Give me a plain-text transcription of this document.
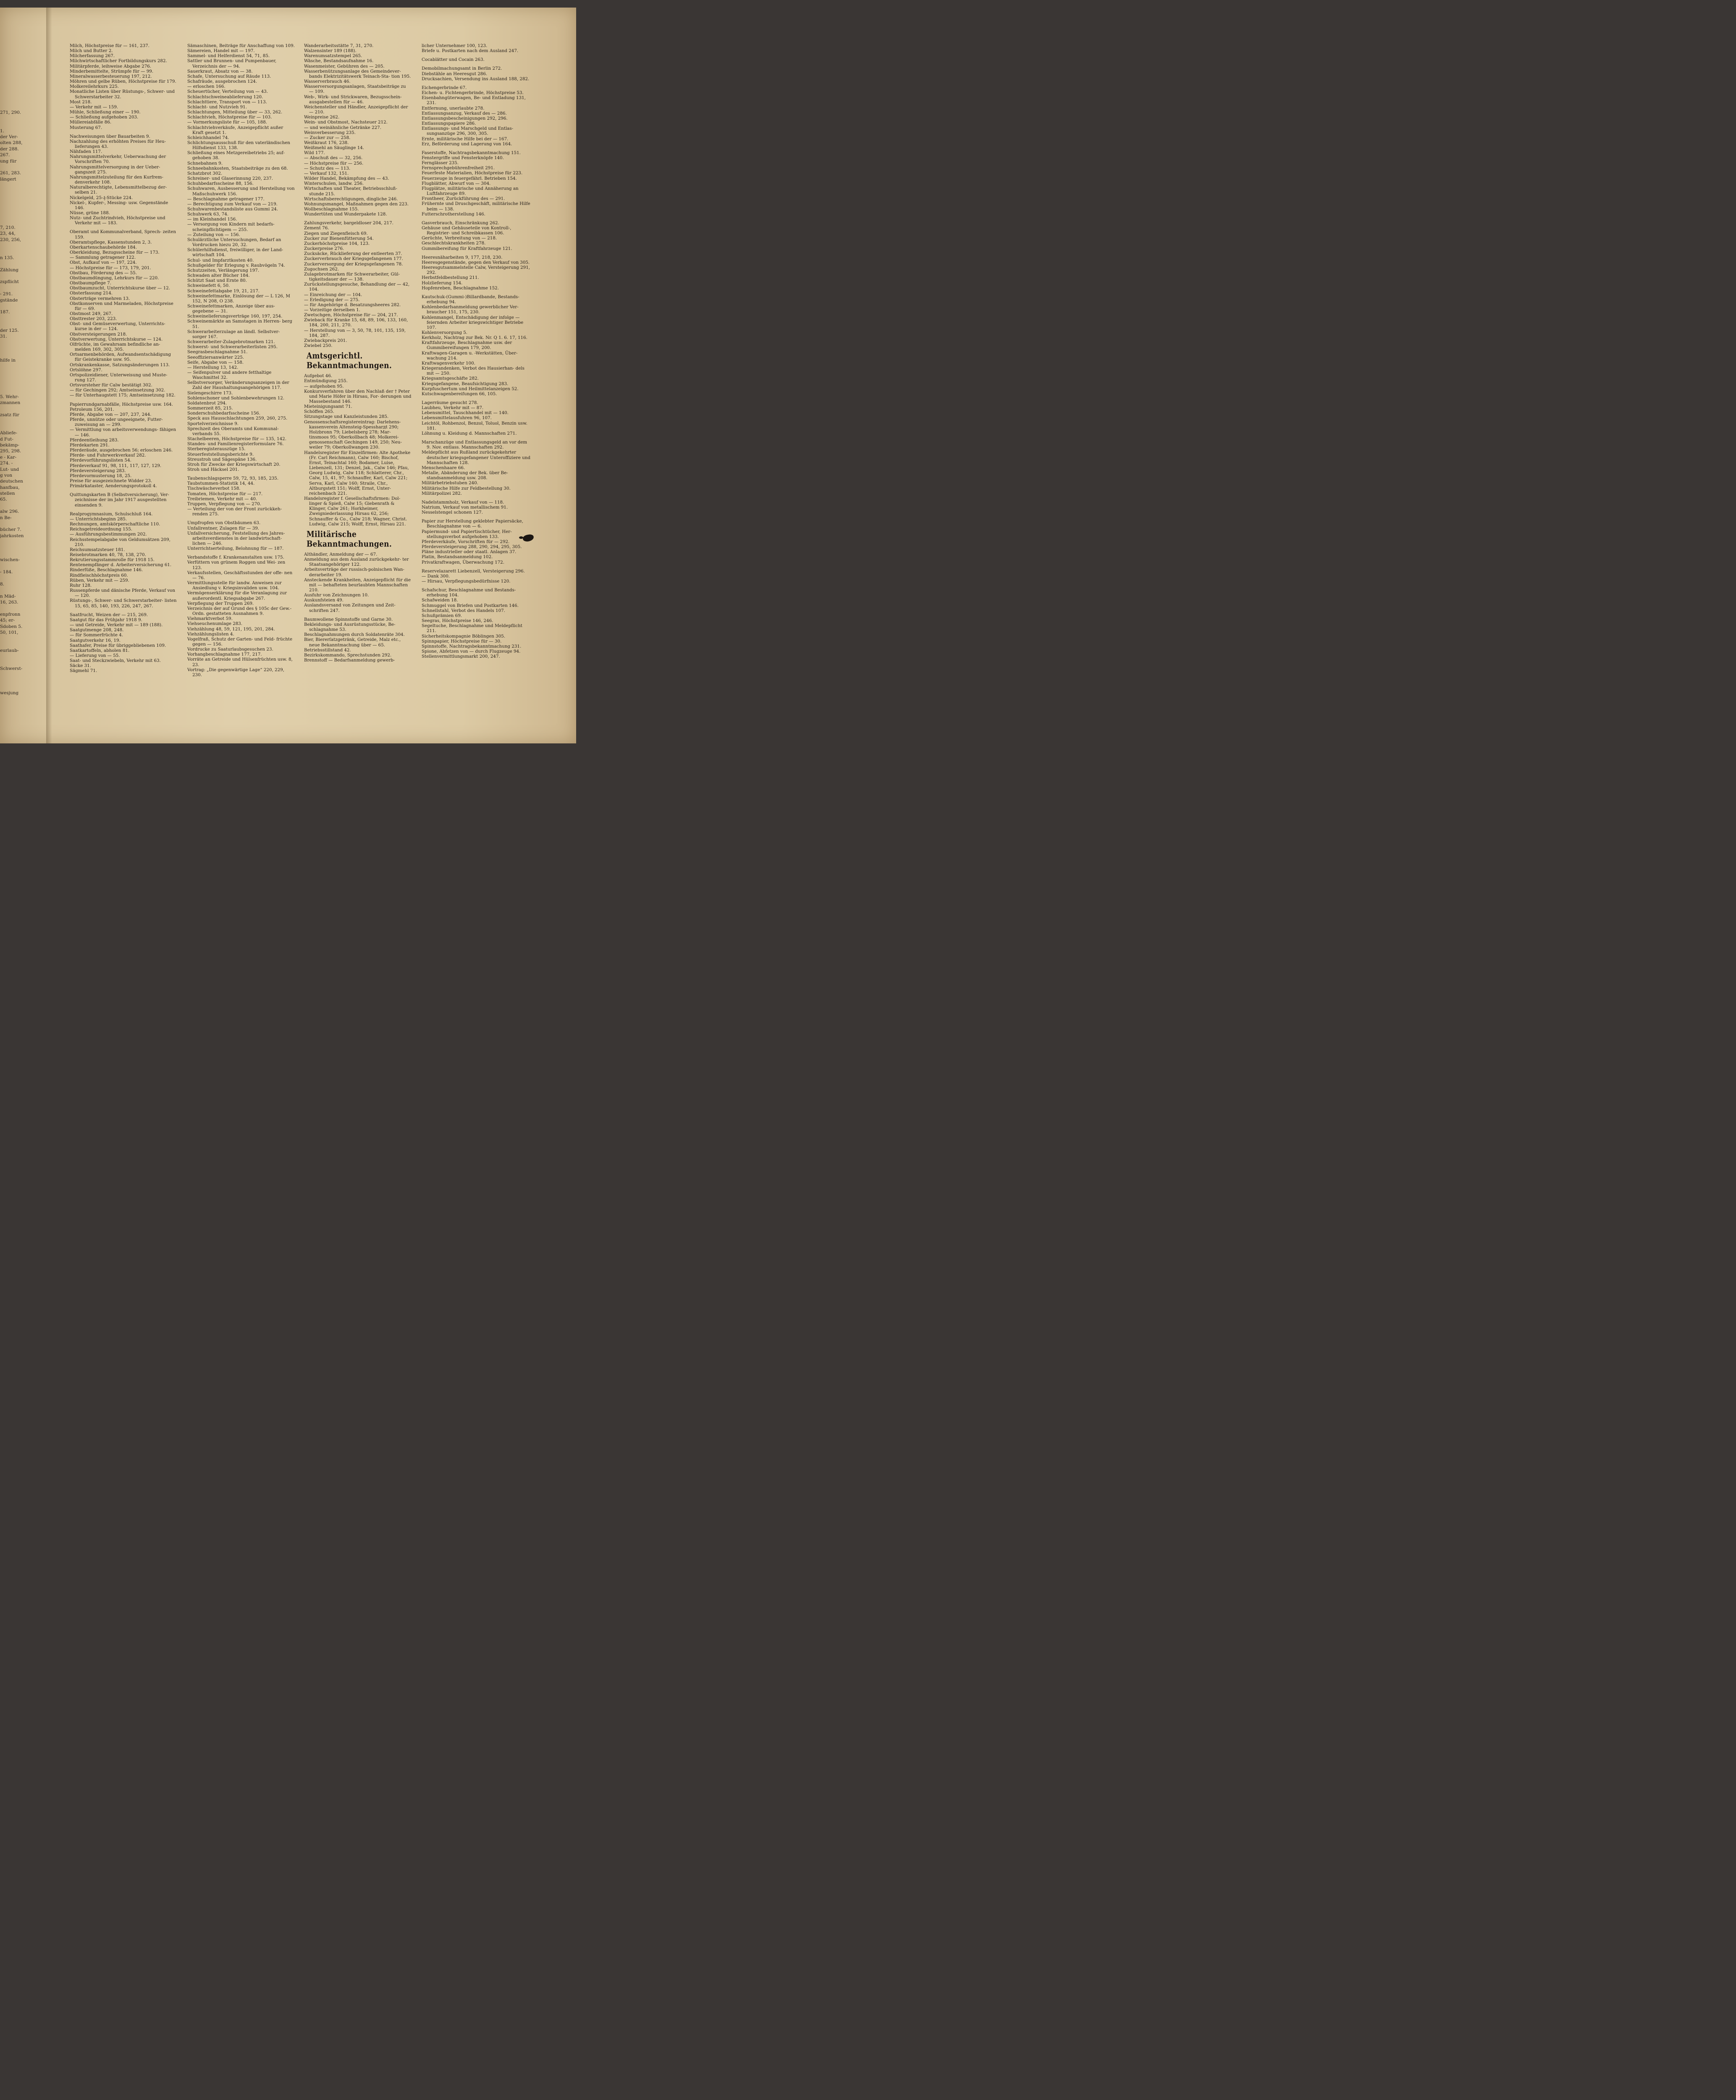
271, 290.
1.
der Ver-
olten 288,
der 288.
267.
ung für
261, 283.
längert
7, 210.
23, 44,
230, 256,
n 135.
Zählung
zspflicht
- 291.
gstände
187.
der 125.
31.
hilfe in
5. Wehr-
zmannen
zsatz für
Abliefe-
d Fut-
bekämp-
295, 298.
e - Kar-
274. -
Lut- und
g von
deutschen
hanfbau,
stellen
65.
alw 296.
n Be-
bücher 7.
jahrkosten
wischen-
- 184.
8.
n Mäd-
16, 263.
enpfronn
45; er-
Sdoben 5.
50, 101,
eurlaub-
Schwerst-
wesjung

Milch, Höchstpreise für — 161, 237.

Milch und Butter 2.

Milcherfassung 267.

Milchwirtschaftlicher Fortbildungskurs 282.

Militärpferde, leihweise Abgabe 276.

Minderbemittelte, Strümpfe für — 99.

Mineralwasserbesteuerung 197, 212.

Möhren und gelbe Rüben, Höchstpreise für 179.

Molkereilehrkurs 225.

Monatliche Listen über Rüstungs-, Schwer- und Schwerstarbeiter 32.

Most 218.

— Verkehr mit — 159.

Mühle, Schließung einer — 190.

— Schließung aufgehoben 203.

Müllereiabfälle 86.

Musterung 67.

Nachweisungen über Bauarbeiten 9.

Nachzahlung des erhöhten Preises für Heu- lieferungen 43.

Nähfaden 117.

Nahrungsmittelverkehr, Ueberwachung der Vorschriften 70.

Nahrungsmittelversorgung in der Ueber- gangszeit 275.

Nahrungsmittelzuteilung für den Kurfrem- denverkehr 108.

Naturalberechtigte, Lebensmittelbezug der- selben 21.

Nickelgeld, 25-₰-Stücke 224.

Nickel-, Kupfer-, Messing- usw. Gegenstände 146.

Nüsse, grüne 188.

Nutz- und Zuchtrindvieh, Höchstpreise und Verkehr mit — 183.

Oberamt und Kommunalverband, Sprech- zeiten 159.

Oberamtspflege, Kassenstunden 2, 3.

Oberkartenschaubehörde 184.

Oberkleidung, Bezugsscheine für — 173.

— Sammlung getragener 122.

Obst, Aufkauf von — 197, 224.

— Höchstpreise für — 173, 179, 201.

Obstbau, Förderung des — 55.

Obstbaumdüngung, Lehrkurs für — 220.

Obstbaumpflege 7.

Obstbaumzucht, Unterrichtskurse über — 12.

Obsterfassung 214.

Obsterträge vermehren 13.

Obstkonserven und Marmeladen, Höchstpreise für — 69.

Obstmost 249, 267.

Obsttrester 203, 223.

Obst- und Gemüseverwertung, Unterrichts- kurse in der — 124.

Obstversteigerungen 218.

Obstverwertung, Unterrichtskurse — 124.

Olfrüchte, im Gewahrsam befindliche an- melden 169, 302, 305.

Ortsarmenbehörden, Aufwandsentschädigung für Geistekranke usw. 95.

Ortskrankenkasse, Satzungsänderungen 113.

Ortslöhne 297.

Ortspolizeidiener, Unterweisung und Muste- rung 127.

Ortsvorsteher für Calw bestätigt 302.

— für Gechingen 292; Amtseinsetzung 302.

— für Unterhaugstett 175; Amtseinsetzung 182.

Papierrundgarnabfälle, Höchstpreise usw. 164.

Petroleum 156, 201.

Pferde, Abgabe von — 207, 237, 244.

Pferde, unnütze oder ungeeignete, Futter- zuweisung an — 299.

— Vermittlung von arbeitsverwendungs- fähigen — 146.

Pferdeentleihung 283.

Pferdekarten 291.

Pferderäude, ausgebrochen 56; erloschen 246.

Pferde- und Fuhrwerkverkauf 282.

Pferdevorführungslisten 54.

Pferdeverkauf 91, 98, 111, 117, 127, 129.

Pferdeversteigerung 283.

Pferdevormusterung 18, 25.

Preise für ausgezeichnete Widder 23.

Primärkataster, Aenderungsprotokoll 4.

Quittungskarten B (Selbstversicherung), Ver- zeichnisse der im Jahr 1917 ausgestellten einsenden 9.

Realprogymnasium, Schulschluß 164.

— Unterrichtsbeginn 285.

Rechnungen, amtskörperschaftliche 110.

Reichsgetreideordnung 155.

— Ausführungsbestimmungen 202.

Reichsstempelabgabe von Geldumsätzen 209, 210.

Reichsumsatzsteuer 181.

Reisebrotmarken 40, 78, 138, 270.

Rekrutierungsstammrolle für 1918 15.

Rentenempfänger d. Arbeiterversicherung 61.

Rinderfüße, Beschlagnahme 146.

Rindfleischhöchstpreis 60.

Rüben, Verkehr mit — 259.

Ruhr 128.

Russenpferde und dänische Pferde, Verkauf von — 120.

Rüstungs-, Schwer- und Schwerstarbeiter- listen 15, 65, 85, 140, 193, 226, 247, 267.

Saatfrucht, Weizen der — 215, 269.

Saatgut für das Frühjahr 1918 9.

— und Getreide, Verkehr mit — 189 (188).

Saatgutmenge 208, 248.

— für Sommerfrüchte 4.

Saatgutverkehr 16, 19.

Saathafer, Preise für übriggebliebenen 109.

Saatkartoffeln, abholen 81.

— Lieferung von — 55.

Saat- und Steckzwiebeln, Verkehr mit 63.

Säcke 31.

Sägmehl 71.

Sämaschinen, Beiträge für Anschaffung von 109.

Sämereien, Handel mit — 197.

Sammel- und Helferdienst 54, 71, 85.

Sattler und Brunnen- und Pumpenbauer, Verzeichnis der — 94.

Sauerkraut, Absatz von — 38.

Schafe, Untersuchung auf Räude 113.

Schafräude, ausgebrochen 124.

— erloschen 166.

Scheuertücher, Verteilung von — 43.

Schlachtschweineablieferung 120.

Schlachttiere, Transport von — 113.

Schlacht- und Nutzvieh 91.

Schlachtungen, Mitteilung über — 33, 262.

Schlachtvieh, Höchstpreise für — 103.

— Vormerkungsliste für — 105, 188.

Schlachtviehverkäufe, Anzeigepflicht außer Kraft gesetzt 1.

Schleichhandel 74.

Schlichtungsausschuß für den vaterländischen Hilfsdienst 133, 138.

Schließung eines Metzgereibetriebs 25; auf- gehoben 38.

Schnebahnen 9.

Schneebahnkosten, Staatsbeiträge zu den 68.

Schatzbrot 302.

Schreiner- und Glaserinnung 220, 237.

Schuhbedarfsscheine 88, 156.

Schuhwaren, Ausbesserung und Herstellung von Maßschuhwerk 156.

— Beschlagnahme getragener 177.

— Berechtigung zum Verkauf von — 219.

Schuhwarenbestandsliste aus Gummi 24.

Schuhwerk 63, 74.

— im Kleinhandel 156.

— Versorgung von Kindern mit bedarfs- scheinpflichtigem — 255.

— Zuteilung von — 156.

Schulärztliche Untersuchungen, Bedarf an Vordrucken hiezu 20, 32.

Schülerhilfsdienst, freiwilliger, in der Land- wirtschaft 104.

Schul- und Impfarztkosten 40.

Schußgelder für Erlegung v. Raubvögeln 74.

Schutzzeiten, Verlängerung 197.

Schwaden alter Bücher 184.

Schützt Saat und Ernte 80.

Schweinefett 6, 50.

Schweinefettabgabe 19, 21, 217.

Schweinefettmarke, Einlösung der — L 126, M 152, N 208, O 238.

Schweinefettmarken, Anzeige über aus- gegebene — 31.

Schweinelieferungsverträge 160, 197, 254.

Schweinemärkte an Samstagen in Herren- berg 51.

Schwerarbeiterzulage an ländl. Selbstver- sorger 167.

Schwerarbeiter-Zulagebrotmarken 121.

Schwerst- und Schwerarbeiterlisten 295.

Seegrasbeschlagnahme 51.

Seeoffiziersanwärter 225.

Seife, Abgabe von — 158.

— Herstellung 13, 142.

— Seifenpulver und andere fetthaltige Waschmittel 32.

Selbstversorger, Veränderungsanzeigen in der Zahl der Haushaltungsangehörigen 117.

Sielengeschirre 173.

Sohlenschoner und Sohlenbewehrungen 12.

Soldatenbrot 294.

Sommerzeit 85, 215.

Sonderschuhbedarfsscheine 156.

Speck aus Hausschlachtungen 259, 260, 275.

Sportelverzeichnisse 9.

Sprechzeit des Oberamts und Kommunal- verbands 55.

Stachelbeeren, Höchstpreise für — 135, 142.

Standes- und Familienregisterformulare 76.

Sterberegisterauszüge 15.

Steuerfeststellungsberichte 9.

Streustroh und Sägespäne 136.

Stroh für Zwecke der Kriegswirtschaft 20.

Stroh und Häcksel 201.

Taubenschlagsperre 59, 72, 93, 185, 235.

Taubstummen-Statistik 14, 44.

Tischwäscheverbot 158.

Tomaten, Höchstpreise für — 217.

Treibriemen, Verkehr mit — 40.

Truppen, Verpflegung von — 270.

— Verteilung der von der Front zurückkeh- renden 275.

Umpfropfen von Obstbäumen 63.

Unfallrentner, Zulagen für — 39.

Unfallversicherung, Feststellung des Jahres- arbeitsverdienstes in der landwirtschaft- lichen — 246.

Unterrichtserteilung, Belohnung für — 187.

Verbandstoffe f. Krankenanstalten usw. 175.

Verfüttern von grünem Roggen und Wei- zen 123.

Verkaufsstellen, Geschäftsstunden der offe- nen — 76.

Vermittlungsstelle für landw. Anweisen zur Ansiedlung v. Kriegsinvaliden usw. 104.

Vermögenserklärung für die Veranlagung zur außerordentl. Kriegsabgabe 267.

Verpflegung der Truppen 269.

Verzeichnis der auf Grund des § 105c der Gew.-Ordn. gestatteten Ausnahmen 9.

Viehmarktverbot 59.

Viehseuchenumlage 283.

Viehzählung 48, 59, 121, 195, 201, 284.

Viehzählungslisten 4.

Vogelfraß, Schutz der Garten- und Feld- früchte gegen — 156.

Vordrucke zu Saaturlaubsgesuchen 23.

Vorhangbeschlagnahme 177, 217.

Vorräte an Getreide und Hülsenfrüchten usw. 8, 23.

Vortrag: „Die gegenwärtige Lage“ 220, 229, 230.

Wanderarbeitsstätte 7, 31, 270.

Walzensinter 189 (188).

Warenumsatzstempel 265.

Wäsche, Bestandsaufnahme 16.

Wasenmeister, Gebühren des — 205.

Wasserbenützungsanlage des Gemeindever- bands Elektrizitätswerk Teinach-Sta- tion 195.

Wasserverbrauch 46.

Wasserversorgungsanlagen, Staatsbeiträge zu — 109.

Web-, Wirk- und Strickwaren, Bezugsschein- ausgabestellen für — 46.

Weichensteller und Händler, Anzeigepflicht der — 210.

Weinpreise 262.

Wein- und Obstmost, Nachsteuer 212.

— und weinähnliche Getränke 227.

Weinverbesserung 235.

— Zucker zur — 258.

Weißkraut 176, 238.

Weißmehl an Säuglinge 14.

Wild 177.

— Abschuß des — 32, 256.

— Höchstpreise für — 256.

— Schutz des — 113.

— Verkauf 132, 151.

Wilder Handel, Bekämpfung des — 43.

Winterschulen, landw. 256.

Wirtschaften und Theater, Betriebsschluß- stunde 215.

Wirtschaftsberechtigungen, dingliche 246.

Wohnungsmangel, Maßnahmen gegen den 223.

Wollbeschlagnahme 155.

Wundertüten und Wunderpakete 128.

Zahlungsverkehr, bargeldloser 204, 217.

Zement 76.

Ziegen und Ziegenfleisch 69.

Zucker zur Bienenfütterung 54.

Zuckerhöchstpreise 104, 123.

Zuckerpreise 276.

Zucksäcke, Rücklieferung der entleerten 37.

Zuckerverbrauch der Kriegsgefangenen 177.

Zuckerversorgung der Kriegsgefangenen 78.

Zugochsen 262.

Zulagebrotmarken für Schwerarbeiter, Gül- tigkeitsdauer der — 138.

Zurückstellungsgesuche, Behandlung der — 42, 104.

— Einreichung der — 104.

— Erledigung der — 275.

— für Angehörige d. Besatzungsheeres 282.

— Vorzeitige derselben 1.

Zwetschgen, Höchstpreise für — 204, 217.

Zwieback für Kranke 15, 68, 89, 106, 133, 160, 184, 200, 211, 270.

— Herstellung von — 3, 50, 78, 101, 135, 159, 184, 287.

Zwiebackpreis 201.

Zwiebel 250.

Amtsgerichtl. Bekanntmachungen.

Aufgebot 46.

Entmündigung 255.

— aufgehoben 95.

Konkursverfahren über den Nachlaß der † Peter und Marie Höfer in Hirsau, For- derungen und Massebestand 146.

Mieteinigungsamt 71.

Schöffen 265.

Sitzungstage und Kanzleistunden 285.

Genossenschaftsregistereintrag: Darlehens- kassenverein Altensteig-Spessharдt 290; Holzbronn 79; Liebelsberg 278; Mar- tinsmoos 95; Oberkollbach 48; Molkerei- genossenschaft Gechingen 149, 250; Neu- weiler 79; Oberkollwangen 230.

Handelsregister für Einzelfirmen: Alte Apotheke (Fr. Carl Reichmann), Calw 160; Bischof, Ernst, Teinachtal 160; Bodamer, Luise, Liebenzell, 131; Denzel, Jak., Calw 146; Pfau, Georg Ludwig, Calw 118; Schlatterer, Chr., Calw, 15, 41, 97; Schnauffer, Karl, Calw 221; Serva, Karl, Calw 160; Straile, Chr., Altburgstett 151; Wolff, Ernst, Unter- reichenbach 221.

Handelsregister f. Gesellschaftsfirmen: Dol- linger & Spieß, Calw 15; Giebenrath & Klinger, Calw 261; Horkheimer, Zweigniederlassung Hirsau 62, 256; Schnauffer & Co., Calw 218; Wagner, Christ. Ludwig, Calw 215; Wolff, Ernst, Hirsau 221.

Militärische Bekanntmachungen.

Althändler, Anmeldung der — 67.

Anmeldung aus dem Ausland zurückgekehr- ter Staatsangehöriger 122.

Arbeitsverträge der russisch-polnischen Wan- derarbeiter 19.

Ansteckende Krankheiten, Anzeigepflicht für die mit — behafteten beurlaubten Mannschaften 210.

Ausfuhr von Zeichnungen 10.

Auskunfsteien 49.

Auslandsversand von Zeitungen und Zeit- schriften 247.

Baumwollene Spinnstoffe und Garne 30.

Bekleidungs- und Ausrüstungsstücke, Be- schlagnahme 53.

Beschlagnahmungen durch Soldatenräte 304.

Bier, Biererſatzgetränk, Getreide, Malz etc., neue Bekanntmachung über — 65.

Betriebsstillstand 42.

Bezirkskommando, Sprechstunden 292.

Brennstoff — Bedarfsanmeldung gewerb-

licher Unternehmer 100, 123.

Briefe u. Postkarten nach dem Ausland 247.

Cocablätter und Cocain 263.

Demobilmachungsamt in Berlin 272.

Diebstähle an Heeresgut 286.

Drucksachien, Versendung ins Ausland 188, 282.

Eichengerbrinde 67.

Eichen- u. Fichtengerbrinde, Höchstpreise 53.

Eisenbahngüterwagen, Be- und Entladung 131, 231.

Entfernung, unerlaubte 278.

Entlassungsanzug, Verkauf des — 286.

Entlassungsbescheinigungen 292, 296.

Entlassungspapiere 286.

Entlassungs- und Marschgeld und Entlas- sungsanzüge 296, 300, 305.

Ernte, militärische Hilfe bei der — 167.

Erz, Beförderung und Lagerung von 164.

Faserstoffe, Nachtragsbekanntmachung 151.

Fenstergriffe und Fensterknöpfe 140.

Fernglässer 235.

Fernsprechgebührenfreiheit 291.

Feuerfeste Materialien, Höchstpreise für 223.

Feuerzeuge in feuergefährl. Betrieben 154.

Flugblätter, Abwurf von — 304.

Flugplätze, militärische und Annäherung an Luftfahrzeuge 89.

Frontheer, Zurückführung des — 291.

Frühernte und Druschgeschäft, militärische Hilfe beim — 138.

Futterschrotherstellung 146.

Gasverbrauch, Einschränkung 262.

Gehäuse und Gehäuseteile von Kontroll-, Registrier- und Schreibkassen 106.

Gerüchte, Verbreitung von — 218.

Geschlechtskrankheiten 278.

Gummibereifung für Kraftfahrzeuge 121.

Heeresnäharbeiten 9, 177, 218, 230.

Heeresgegenstände, gegen den Verkauf von 305.

Heeresgutsammelstelle Calw, Versteigerung 291, 292.

Herbstfeldbestellung 211.

Holzlieferung 154.

Hopfenreben, Beschlagnahme 152.

Kautschuk-(Gummi-)Billardbande, Bestands- erhebung 94.

Kohlenbedarfsanmeldung gewerblicher Ver- braucher 151, 175, 230.

Kohlenmangel, Entschädigung der infolge — feiernden Arbeiter kriegswichtiger Betriebe 107.

Kohlenversorgung 5.

Kerkholz, Nachtrag zur Bek. Nr. Q 1. 6. 17, 116.

Kraftfahrzeuge, Beschlagnahme usw. der Gummibereifungen 179, 200.

Kraftwagen-Garagen u. -Werkstätten, Über- wachung 214.

Kraftwagenverkehr 100.

Kriegerandenken, Verbot des Hausierhan- dels mit — 250.

Kriegsamtsgeschäfte 282.

Kriegsgefangene, Beaufsichtigung 283.

Kurpfuschertum und Heilmittelanzeigen 52.

Kutschwagenbereifungen 66, 105.

Lagerräume gesucht 278.

Laubheu, Verkehr mit — 87.

Lebensmittel, Tauschhandel mit — 140.

Lebensmittelausfuhren 96, 107.

Leichtöl, Rohbenzol, Benzol, Toluol, Benzin usw. 181.

Löhnung u. Kleidung d. Mannschaften 271.

Marschanzüge und Entlassungsgeld an vor dem 9. Nov. entlass. Mannschaften 292.

Meldepflicht aus Rußland zurückgekehrter deutscher kriegsgefangener Unteroffiziere und Mannschaften 128.

Menschenhaare 66.

Metalle, Abänderung der Bek. über Be- standsanmeldung usw. 208.

Militärbetriebstuben 240.

Militärische Hilfe zur Feldbestellung 30.

Militärpolizei 282.

Nadelstammholz, Verkauf von — 118.

Natrium, Verkauf von metallischem 91.

Nesselstengel schonen 127.

Papier zur Herstellung geklebter Papiersäcke, Beschlagnahme von — 6.

Papiermund- und Papiertischtücher, Her- stellungsverbot aufgehoben 133.

Pferdeverkäufe, Vorschriften für — 292.

Pferdeversteigerung 288, 290, 294, 295, 305.

Pläne industrieller oder staatl. Anlagen 37.

Platin, Bestandsanmeldung 102.

Privatkraftwagen, Überwachung 172.

Reservelazarett Liebenzell, Versteigerung 296.

— Dank 300.

— Hirsau, Verpflegungsbedürfnisse 120.

Schafschur, Beschlagnahme und Bestands- erhebung 104.

Schafweiden 18.

Schmuggel von Briefen und Postkarten 146.

Schnellstahl, Verbot des Handels 107.

Schußprämien 69.

Seegras, Höchstpreise 146, 246.

Segeltuche, Beschlagnahme und Meldepflicht 211.

Sicherheitskompagnie Böblingen 305.

Spinnpapier, Höchstpreise für — 30.

Spinnstoffe, Nachtragsbekanntmachung 231.

Spione, Abfetzen von — durch Flugzeuge 94.

Stellenvermittlungsmarkt 200, 247.
